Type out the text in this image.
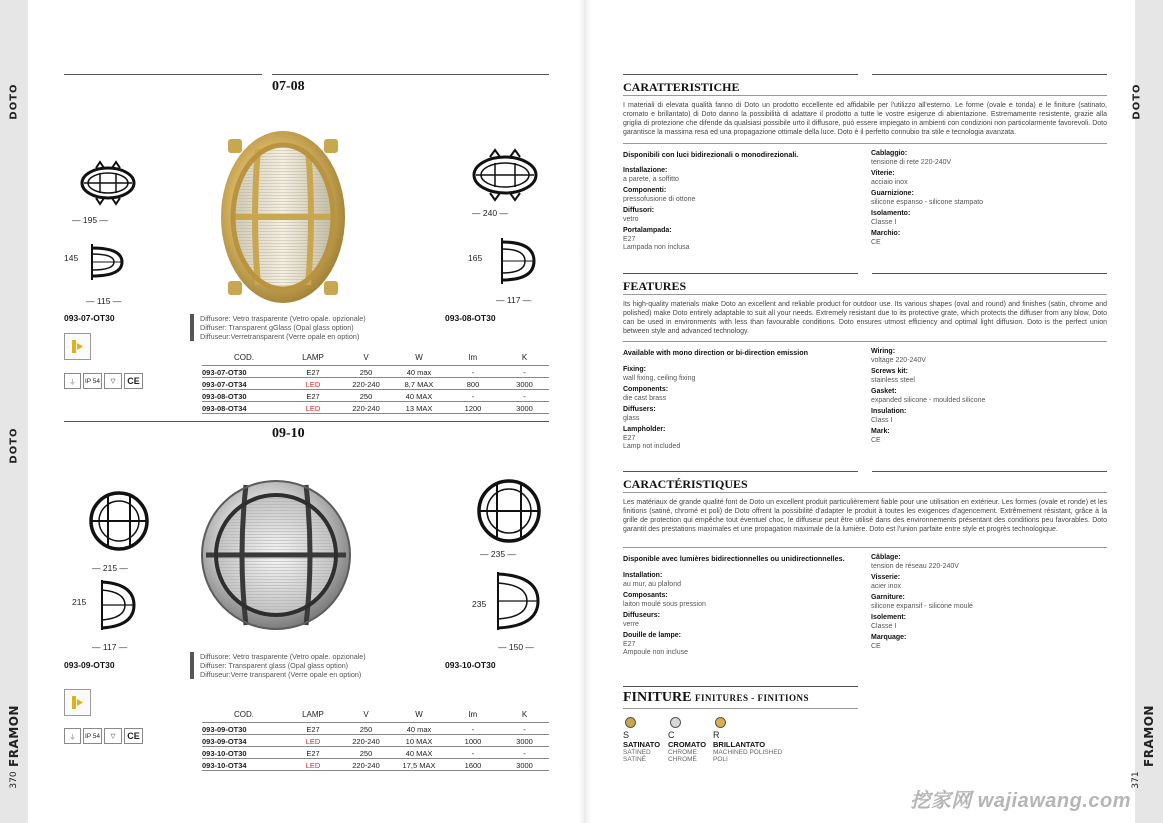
DOTO
DOTO
DOTO
FRAMON	FRAMON
370	371
07-08
— 195 —
145
— 115 —
093-07-OT30
— 240 —
165
— 117 —
093-08-OT30
Diffusore: Vetro trasparente (Vetro opale. opzionale)
Diffuser: Transparent gGlass (Opal glass option)
Diffuseur:Verretransparent (Verre opale en option)
⏚	IP 54	▽	CE
COD.	LAMP	V	W	lm	K
093-07-OT30	E27	250	40 max	-	-
093-07-OT34	LED	220-240	8,7 MAX	800	3000
093-08-OT30	E27	250	40 MAX	-	-
093-08-OT34	LED	220-240	13 MAX	1200	3000
09-10
— 215 —
215
— 117 —
093-09-OT30
— 235 —
235
— 150 —
093-10-OT30
Diffusore: Vetro trasparente (Vetro opale. opzionale)
Diffuser: Transparent glass (Opal glass option)
Diffuseur:Verre transparent (Verre opale en option)
⏚	IP 54	▽	CE
COD.	LAMP	V	W	lm	K
093-09-OT30	E27	250	40 max	-	-
093-09-OT34	LED	220-240	10 MAX	1000	3000
093-10-OT30	E27	250	40 MAX	-	-
093-10-OT34	LED	220-240	17,5 MAX	1600	3000
CARATTERISTICHE
I materiali di elevata qualità fanno di Doto un prodotto eccellente ed affidabile per l'utilizzo all'esterno. Le forme (ovale e tonda) e le finiture (satinato, cromato e brillantato) di Doto danno la possibilità di adattare il prodotto a tutte le vostre esigenze di abientazione. Estremamente resistente, grazie alla griglia di protezione che difende da qualsiasi possibile urto il diffusore, può essere impiegato in ambienti con condizioni non particolarmente favorevoli. Doto garantisce la massima resa ed una propagazione ottimale della luce. Doto è il perfetto connubio tra stile e tecnologia avanzata.
Disponibili con luci bidirezionali o monodirezionali.
Installazione:
a parete, a soffitto
Componenti:
pressofusione di ottone
Diffusori:
vetro
Portalampada:
E27
Lampada non inclusa
Cablaggio:
tensione di rete 220-240V
Viterie:
acciaio inox
Guarnizione:
silicone espanso - silicone stampato
Isolamento:
Classe I
Marchio:
CE
FEATURES
Its high-quality materials make Doto an excellent and reliable product for outdoor use. Its various shapes (oval and round) and finishes (satin, chrome and polished) make Doto entirely adaptable to suit all your needs. Extremely resistant due to its protective grate, which protects the diffuser from any blow, Doto can be used in environments with less than favourable conditions. Doto ensures utmost efficiency and optimal light diffusion. Doto is the perfect union between style and advanced technology.
Available with mono direction or bi-direction emission
Fixing:
wall fixing, ceiling fixing
Components:
die cast brass
Diffusers:
glass
Lampholder:
E27
Lamp not included
Wiring:
voltage 220-240V
Screws kit:
stainless steel
Gasket:
expanded silicone - moulded silicone
Insulation:
Class I
Mark:
CE
CARACTÉRISTIQUES
Les matériaux de grande qualité font de Doto un excellent produit particulièrement fiable pour une utilisation en extérieur. Les formes (ovale et ronde) et les finitions (satiné, chromé et poli) de Doto offrent la possibilité d'adapter le produit à toutes les exigences d'agencement. Extrêmement résistant, grâce à la grille de protection qui empêche tout éventuel choc, le diffuseur peut être utilisé dans des environnements présentant des conditions peu favorables. Doto garantit des prestations maximales et une propagation maximale de la lumière. Doto est l'union parfaite entre style et progrès technologique.
Disponible avec lumières bidirectionnelles ou unidirectionnelles.
Installation:
au mur, au plafond
Composants:
laiton moulé sous pression
Diffuseurs:
verre
Douille de lampe:
E27
Ampoule non incluse
Câblage:
tension de réseau 220-240V
Visserie:
acier inox
Garniture:
silicone expansif - silicone moulé
Isolement:
Classe I
Marquage:
CE
FINITURE FINITURES - FINITIONS
S
SATINATO
SATINED
SATINÉ
C
CROMATO
CHROME
CHROMÉ
R
BRILLANTATO
MACHINED POLISHED
POLI
挖家网 wajiawang.com
